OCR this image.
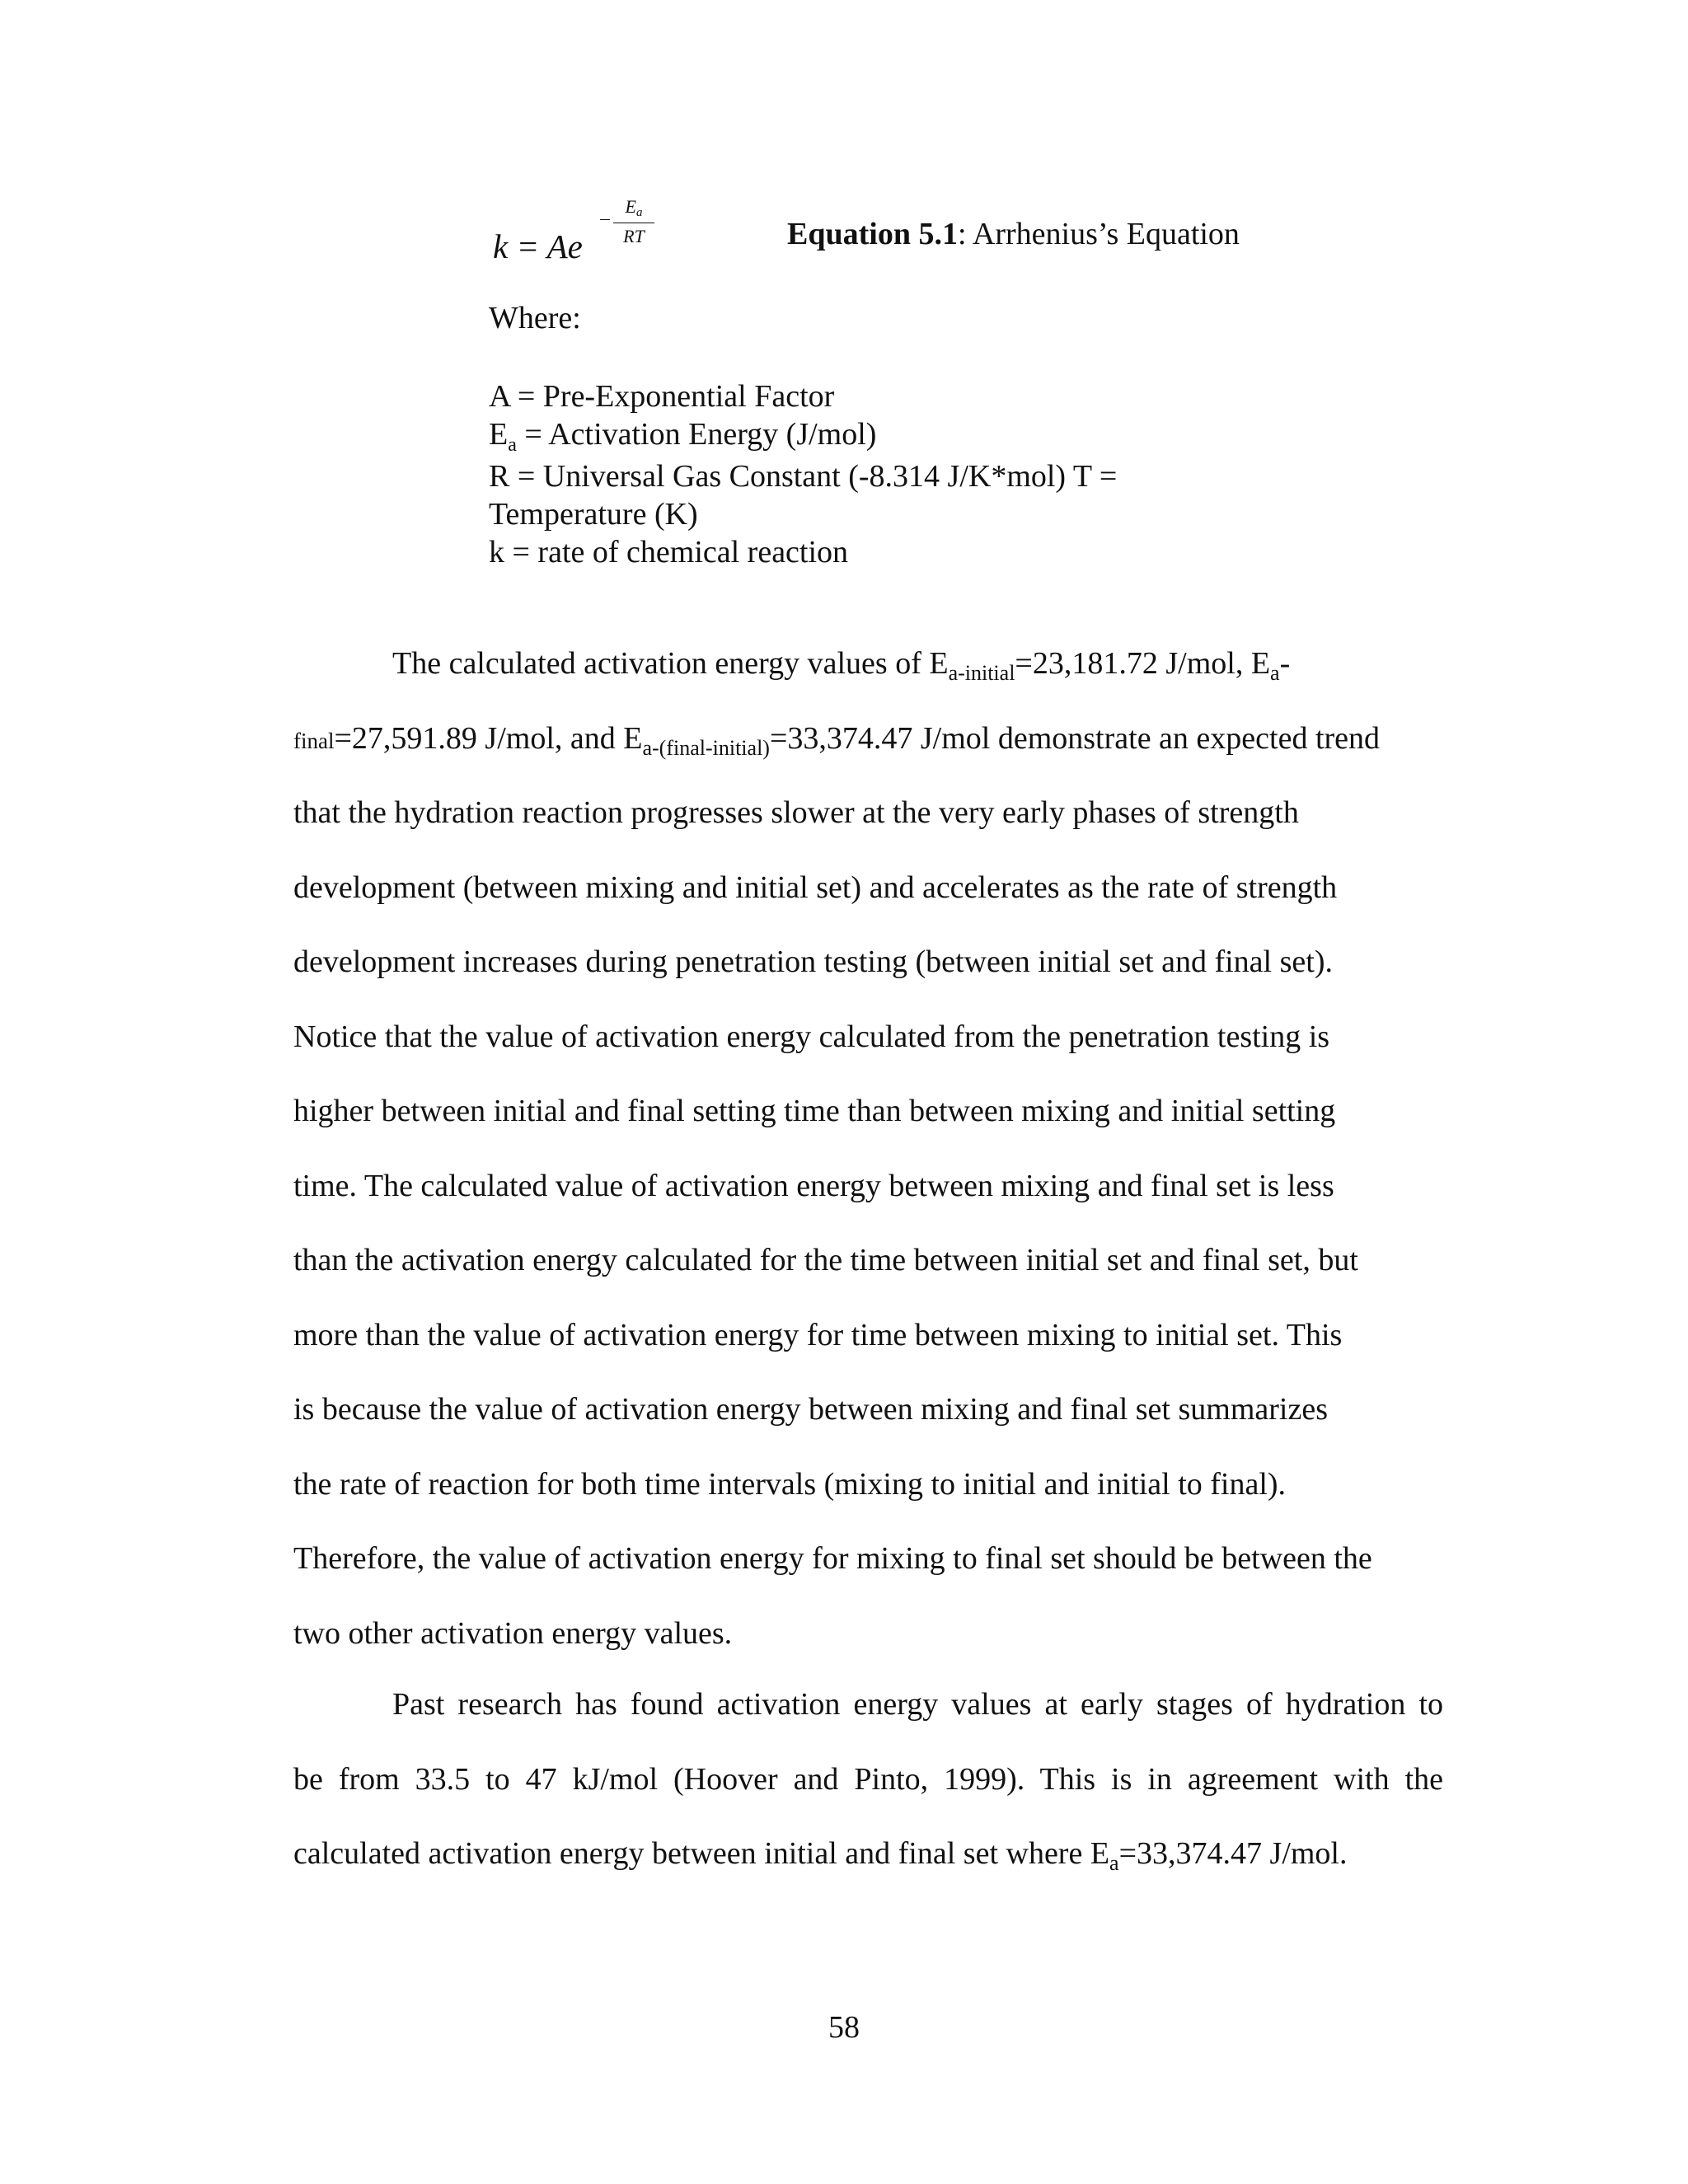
k = Ae
$E_a$
RT	Equation 5.1: Arrhenius’s Equation
Where:
A = Pre-Exponential Factor
$E_a$ = Activation Energy (J/mol)
R = Universal Gas Constant (-8.314 J/K*mol) T =
Temperature (K)
k = rate of chemical reaction
The calculated activation energy values of $E_{a-initial}=23,181.72$ J/mol, $E_a-$
final=27,591.89 J/mol, and $E_{a-(final-initial)}=33,374.47$ J/mol demonstrate an expected trend
that the hydration reaction progresses slower at the very early phases of strength
development (between mixing and initial set) and accelerates as the rate of strength
development increases during penetration testing (between initial set and final set).
Notice that the value of activation energy calculated from the penetration testing is
higher between initial and final setting time than between mixing and initial setting
time. The calculated value of activation energy between mixing and final set is less
than the activation energy calculated for the time between initial set and final set, but
more than the value of activation energy for time between mixing to initial set. This
is because the value of activation energy between mixing and final set summarizes
the rate of reaction for both time intervals (mixing to initial and initial to final).
Therefore, the value of activation energy for mixing to final set should be between the
two other activation energy values.
Past research has found activation energy values at early stages of hydration to
be from 33.5 to 47 kJ/mol (Hoover and Pinto, 1999). This is in agreement with the
calculated activation energy between initial and final set where $E_a=33,374.47$ J/mol.
58
